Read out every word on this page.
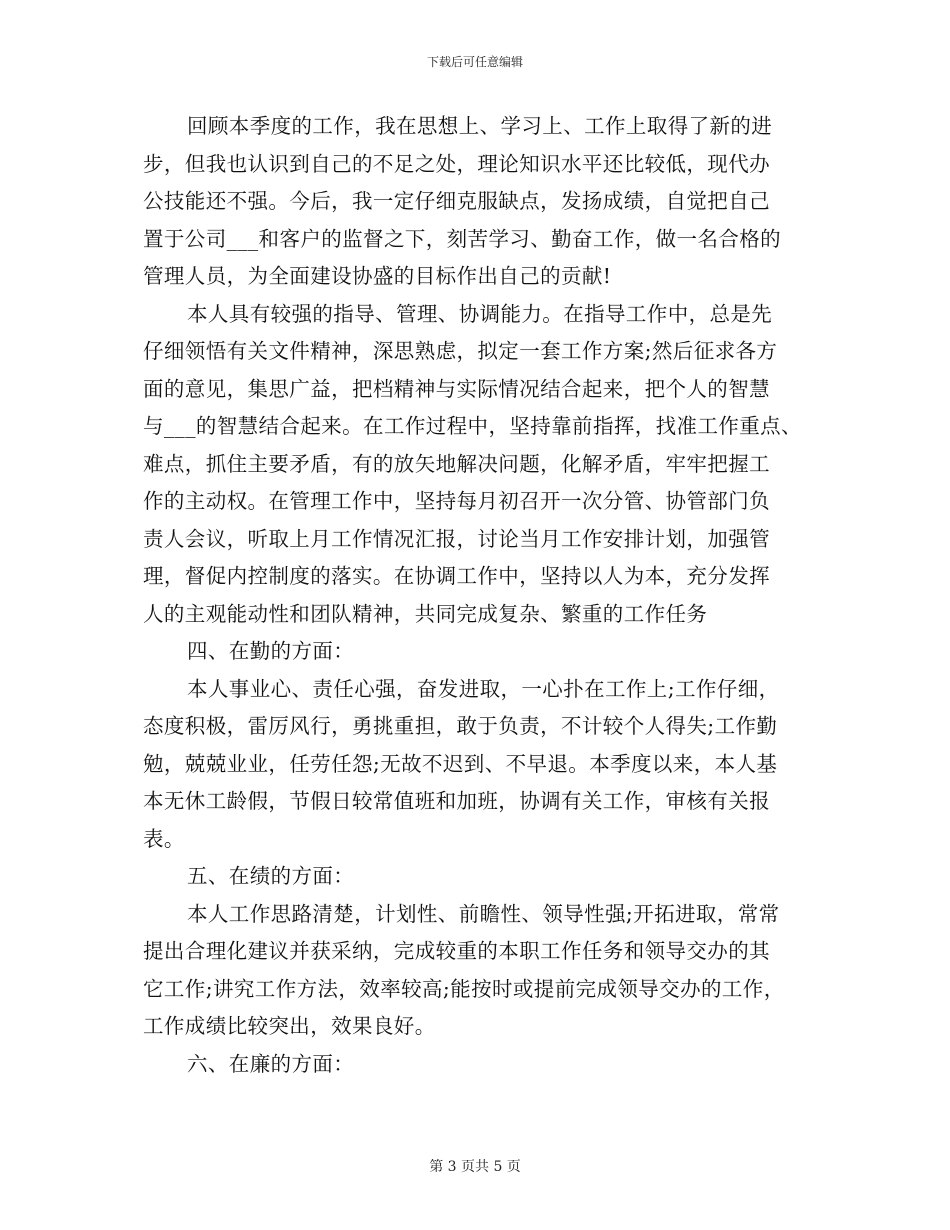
下载后可任意编辑
回顾本季度的工作，我在思想上、学习上、工作上取得了新的进
步，但我也认识到自己的不足之处，理论知识水平还比较低，现代办
公技能还不强。今后，我一定仔细克服缺点，发扬成绩，自觉把自己
置于公司___和客户的监督之下，刻苦学习、勤奋工作，做一名合格的
管理人员，为全面建设协盛的目标作出自己的贡献!
本人具有较强的指导、管理、协调能力。在指导工作中，总是先
仔细领悟有关文件精神，深思熟虑，拟定一套工作方案;然后征求各方
面的意见，集思广益，把档精神与实际情况结合起来，把个人的智慧
与___的智慧结合起来。在工作过程中，坚持靠前指挥，找准工作重点、
难点，抓住主要矛盾，有的放矢地解决问题，化解矛盾，牢牢把握工
作的主动权。在管理工作中，坚持每月初召开一次分管、协管部门负
责人会议，听取上月工作情况汇报，讨论当月工作安排计划，加强管
理，督促内控制度的落实。在协调工作中，坚持以人为本，充分发挥
人的主观能动性和团队精神，共同完成复杂、繁重的工作任务
四、在勤的方面：
本人事业心、责任心强，奋发进取，一心扑在工作上;工作仔细，
态度积极，雷厉风行，勇挑重担，敢于负责，不计较个人得失;工作勤
勉，兢兢业业，任劳任怨;无故不迟到、不早退。本季度以来，本人基
本无休工龄假，节假日较常值班和加班，协调有关工作，审核有关报
表。
五、在绩的方面：
本人工作思路清楚，计划性、前瞻性、领导性强;开拓进取，常常
提出合理化建议并获采纳，完成较重的本职工作任务和领导交办的其
它工作;讲究工作方法，效率较高;能按时或提前完成领导交办的工作，
工作成绩比较突出，效果良好。
六、在廉的方面：
第 3 页共 5 页
